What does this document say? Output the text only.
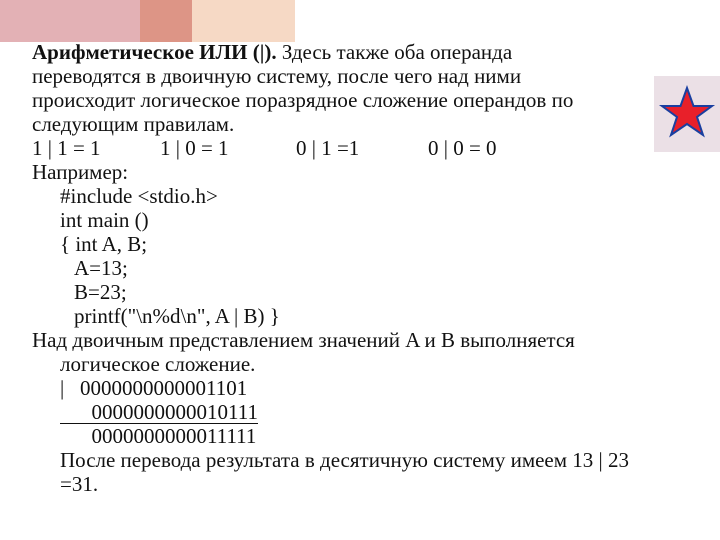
Арифметическое ИЛИ (|). Здесь также оба операнда
переводятся в двоичную систему, после чего над ними
происходит логическое поразрядное сложение операндов по
следующим правилам.
1 | 1 = 1	1 | 0 = 1	0 | 1 =1	0 | 0 = 0
Например:
#include <stdio.h>
int main ()
{ int A, B;
A=13;
B=23;
printf("\n%d\n", A | B) }
Над двоичным представлением значений A и B выполняется
логическое сложение.
| 0000000000001101
0000000000010111
0000000000011111
После перевода результата в десятичную систему имеем 13 | 23
=31.
